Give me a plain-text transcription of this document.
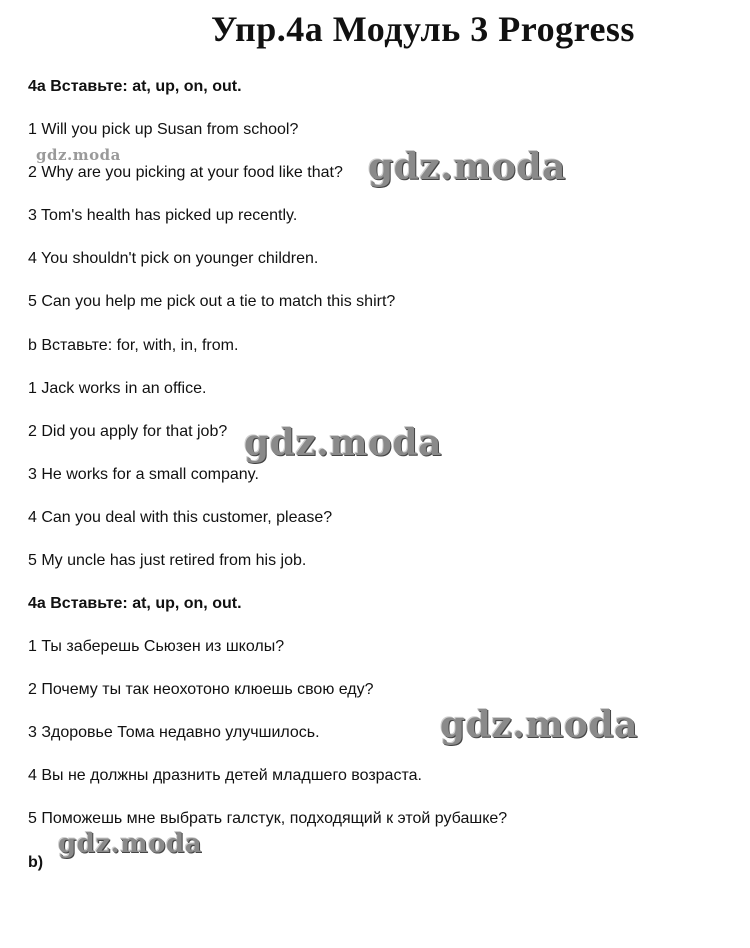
Упр.4а Модуль 3 Progress
4а Вставьте: at, up, on, out.
1 Will you pick up Susan from school?
2 Why are you picking at your food like that?
3 Tom's health has picked up recently.
4 You shouldn't pick on younger children.
5 Can you help me pick out a tie to match this shirt?
b Вставьте: for, with, in, from.
1 Jack works in an office.
2 Did you apply for that job?
3 He works for a small company.
4 Can you deal with this customer, please?
5 My uncle has just retired from his job.
4а Вставьте: at, up, on, out.
1 Ты заберешь Сьюзен из школы?
2 Почему ты так неохотоно клюешь свою еду?
3 Здоровье Тома недавно улучшилось.
4 Вы не должны дразнить детей младшего возраста.
5 Поможешь мне выбрать галстук, подходящий к этой рубашке?
b)
gdz.moda	gdz.moda
gdz.moda
gdz.moda
gdz.moda
